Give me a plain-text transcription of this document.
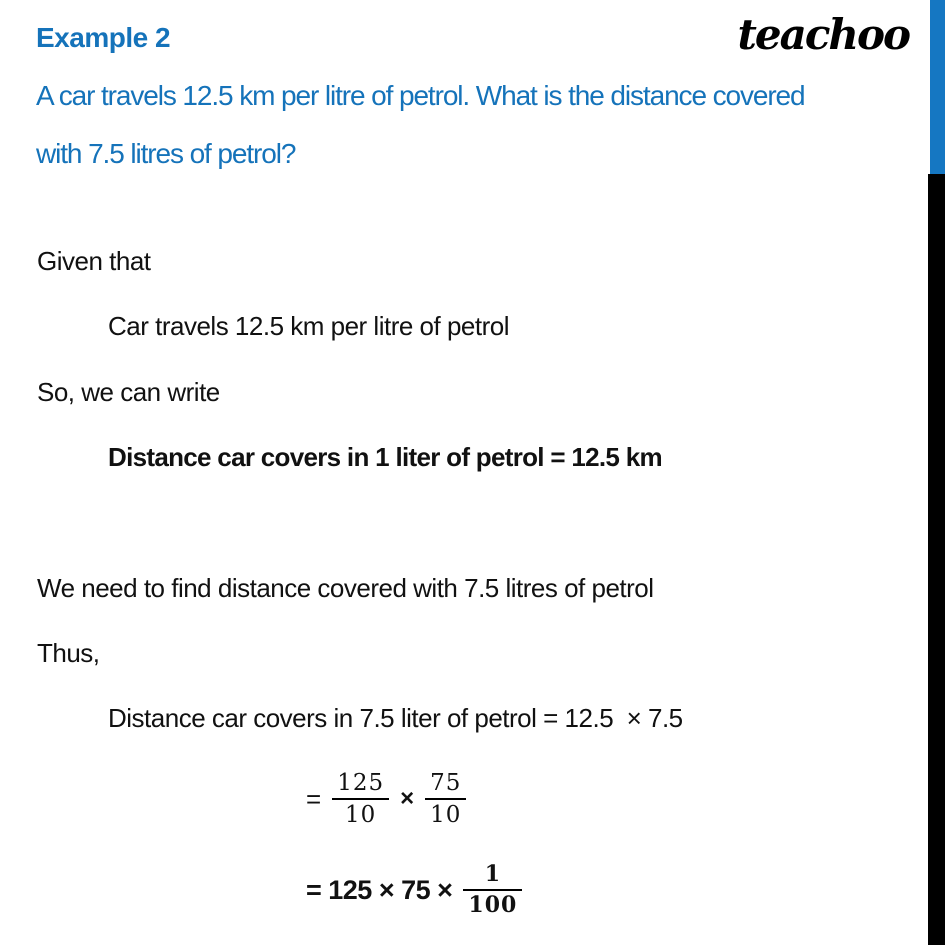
Example 2	teachoo
A car travels 12.5 km per litre of petrol. What is the distance covered
with 7.5 litres of petrol?
Given that
Car travels 12.5 km per litre of petrol
So, we can write
Distance car covers in 1 liter of petrol = 12.5 km
We need to find distance covered with 7.5 litres of petrol
Thus,
Distance car covers in 7.5 liter of petrol = 12.5  × 7.5
= $\frac{125}{10} \times \frac{75}{10}$
= $125 \times 75 \times \frac{1}{100}$
